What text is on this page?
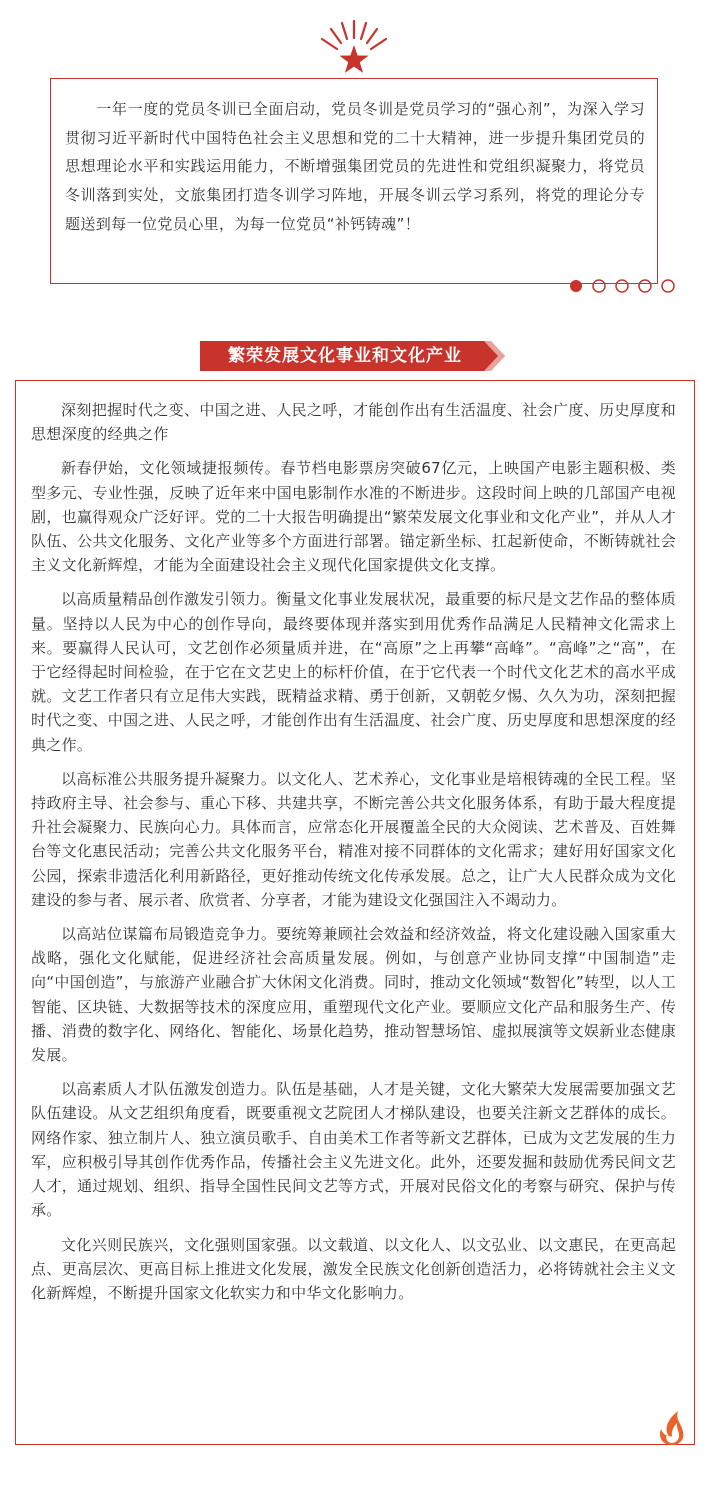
　　一年一度的党员冬训已全面启动，党员冬训是党员学习的“强心剂”，为深入学习贯彻习近平新时代中国特色社会主义思想和党的二十大精神，进一步提升集团党员的思想理论水平和实践运用能力，不断增强集团党员的先进性和党组织凝聚力，将党员冬训落到实处，文旅集团打造冬训学习阵地，开展冬训云学习系列，将党的理论分专题送到每一位党员心里，为每一位党员“补钙铸魂”！

繁荣发展文化事业和文化产业

深刻把握时代之变、中国之进、人民之呼，才能创作出有生活温度、社会广度、历史厚度和思想深度的经典之作

新春伊始，文化领域捷报频传。春节档电影票房突破67亿元，上映国产电影主题积极、类型多元、专业性强，反映了近年来中国电影制作水准的不断进步。这段时间上映的几部国产电视剧，也赢得观众广泛好评。党的二十大报告明确提出“繁荣发展文化事业和文化产业”，并从人才队伍、公共文化服务、文化产业等多个方面进行部署。锚定新坐标、扛起新使命，不断铸就社会主义文化新辉煌，才能为全面建设社会主义现代化国家提供文化支撑。

以高质量精品创作激发引领力。衡量文化事业发展状况，最重要的标尺是文艺作品的整体质量。坚持以人民为中心的创作导向，最终要体现并落实到用优秀作品满足人民精神文化需求上来。要赢得人民认可，文艺创作必须量质并进，在“高原”之上再攀“高峰”。“高峰”之“高”，在于它经得起时间检验，在于它在文艺史上的标杆价值，在于它代表一个时代文化艺术的高水平成就。文艺工作者只有立足伟大实践，既精益求精、勇于创新，又朝乾夕惕、久久为功，深刻把握时代之变、中国之进、人民之呼，才能创作出有生活温度、社会广度、历史厚度和思想深度的经典之作。

以高标准公共服务提升凝聚力。以文化人、艺术养心，文化事业是培根铸魂的全民工程。坚持政府主导、社会参与、重心下移、共建共享，不断完善公共文化服务体系，有助于最大程度提升社会凝聚力、民族向心力。具体而言，应常态化开展覆盖全民的大众阅读、艺术普及、百姓舞台等文化惠民活动；完善公共文化服务平台，精准对接不同群体的文化需求；建好用好国家文化公园，探索非遗活化利用新路径，更好推动传统文化传承发展。总之，让广大人民群众成为文化建设的参与者、展示者、欣赏者、分享者，才能为建设文化强国注入不竭动力。

以高站位谋篇布局锻造竞争力。要统筹兼顾社会效益和经济效益，将文化建设融入国家重大战略，强化文化赋能，促进经济社会高质量发展。例如，与创意产业协同支撑“中国制造”走向“中国创造”，与旅游产业融合扩大休闲文化消费。同时，推动文化领域“数智化”转型，以人工智能、区块链、大数据等技术的深度应用，重塑现代文化产业。要顺应文化产品和服务生产、传播、消费的数字化、网络化、智能化、场景化趋势，推动智慧场馆、虚拟展演等文娱新业态健康发展。

以高素质人才队伍激发创造力。队伍是基础，人才是关键，文化大繁荣大发展需要加强文艺队伍建设。从文艺组织角度看，既要重视文艺院团人才梯队建设，也要关注新文艺群体的成长。网络作家、独立制片人、独立演员歌手、自由美术工作者等新文艺群体，已成为文艺发展的生力军，应积极引导其创作优秀作品，传播社会主义先进文化。此外，还要发掘和鼓励优秀民间文艺人才，通过规划、组织、指导全国性民间文艺等方式，开展对民俗文化的考察与研究、保护与传承。

文化兴则民族兴，文化强则国家强。以文载道、以文化人、以文弘业、以文惠民，在更高起点、更高层次、更高目标上推进文化发展，激发全民族文化创新创造活力，必将铸就社会主义文化新辉煌，不断提升国家文化软实力和中华文化影响力。
